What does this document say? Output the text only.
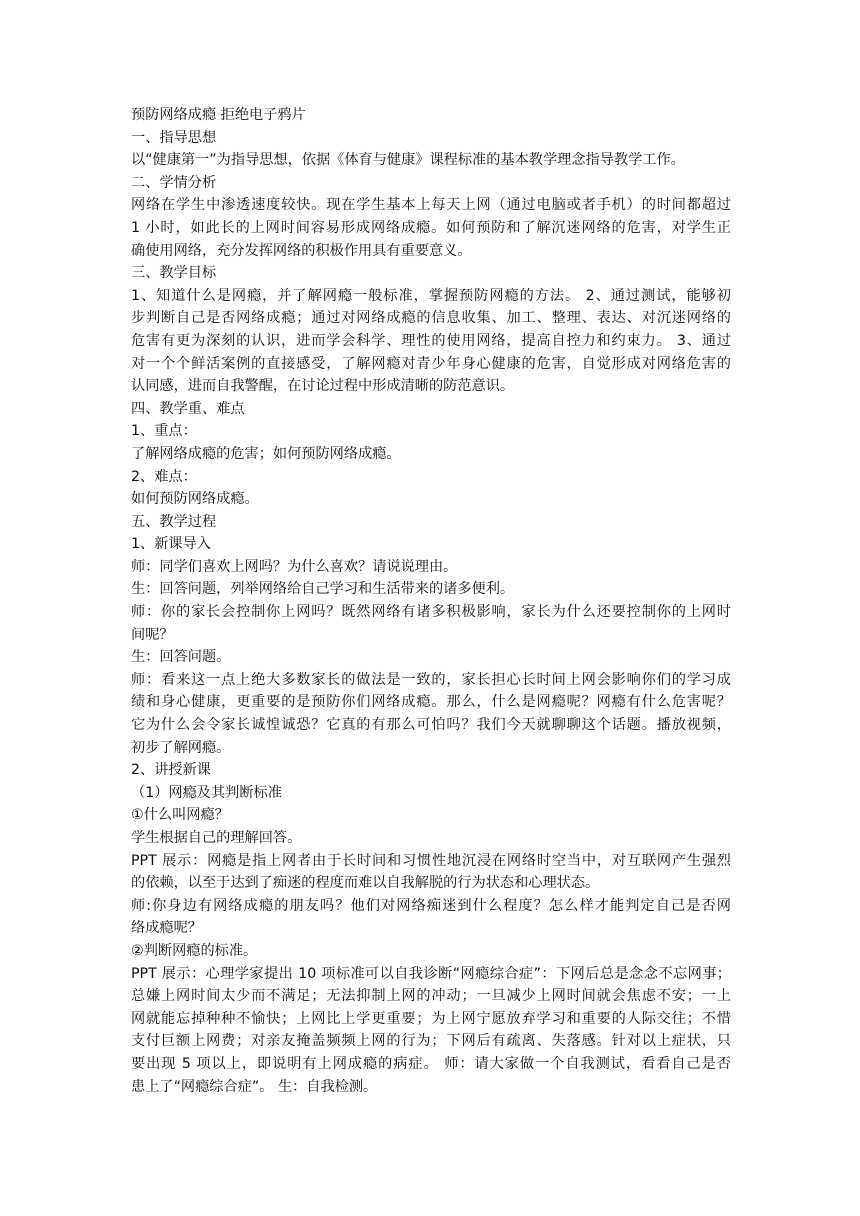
预防网络成瘾 拒绝电子鸦片

一、指导思想

以“健康第一”为指导思想，依据《体育与健康》课程标准的基本教学理念指导教学工作。

二、学情分析

网络在学生中渗透速度较快。现在学生基本上每天上网（通过电脑或者手机）的时间都超过

1 小时，如此长的上网时间容易形成网络成瘾。如何预防和了解沉迷网络的危害，对学生正

确使用网络，充分发挥网络的积极作用具有重要意义。

三、教学目标

1、知道什么是网瘾，并了解网瘾一般标准，掌握预防网瘾的方法。 2、通过测试，能够初

步判断自己是否网络成瘾；通过对网络成瘾的信息收集、加工、整理、表达、对沉迷网络的

危害有更为深刻的认识，进而学会科学、理性的使用网络，提高自控力和约束力。 3、通过

对一个个鲜活案例的直接感受，了解网瘾对青少年身心健康的危害，自觉形成对网络危害的

认同感，进而自我警醒，在讨论过程中形成清晰的防范意识。

四、教学重、难点

1、重点：

了解网络成瘾的危害；如何预防网络成瘾。

2、难点：

如何预防网络成瘾。

五、教学过程

1、新课导入

师：同学们喜欢上网吗？为什么喜欢？请说说理由。

生：回答问题，列举网络给自己学习和生活带来的诸多便利。

师：你的家长会控制你上网吗？既然网络有诸多积极影响，家长为什么还要控制你的上网时

间呢？

生：回答问题。

师：看来这一点上绝大多数家长的做法是一致的，家长担心长时间上网会影响你们的学习成

绩和身心健康，更重要的是预防你们网络成瘾。那么，什么是网瘾呢？网瘾有什么危害呢？

它为什么会令家长诚惶诚恐？它真的有那么可怕吗？我们今天就聊聊这个话题。播放视频，

初步了解网瘾。

2、讲授新课

（1）网瘾及其判断标准

①什么叫网瘾？

学生根据自己的理解回答。

PPT 展示：网瘾是指上网者由于长时间和习惯性地沉浸在网络时空当中，对互联网产生强烈

的依赖，以至于达到了痴迷的程度而难以自我解脱的行为状态和心理状态。

师:你身边有网络成瘾的朋友吗？他们对网络痴迷到什么程度？怎么样才能判定自己是否网

络成瘾呢？

②判断网瘾的标准。

PPT 展示：心理学家提出 10 项标准可以自我诊断“网瘾综合症”：下网后总是念念不忘网事；

总嫌上网时间太少而不满足；无法抑制上网的冲动；一旦减少上网时间就会焦虑不安；一上

网就能忘掉种种不愉快；上网比上学更重要；为上网宁愿放弃学习和重要的人际交往；不惜

支付巨额上网费；对亲友掩盖频频上网的行为；下网后有疏离、失落感。针对以上症状，只

要出现 5 项以上，即说明有上网成瘾的病症。 师：请大家做一个自我测试，看看自己是否

患上了“网瘾综合症”。 生：自我检测。
